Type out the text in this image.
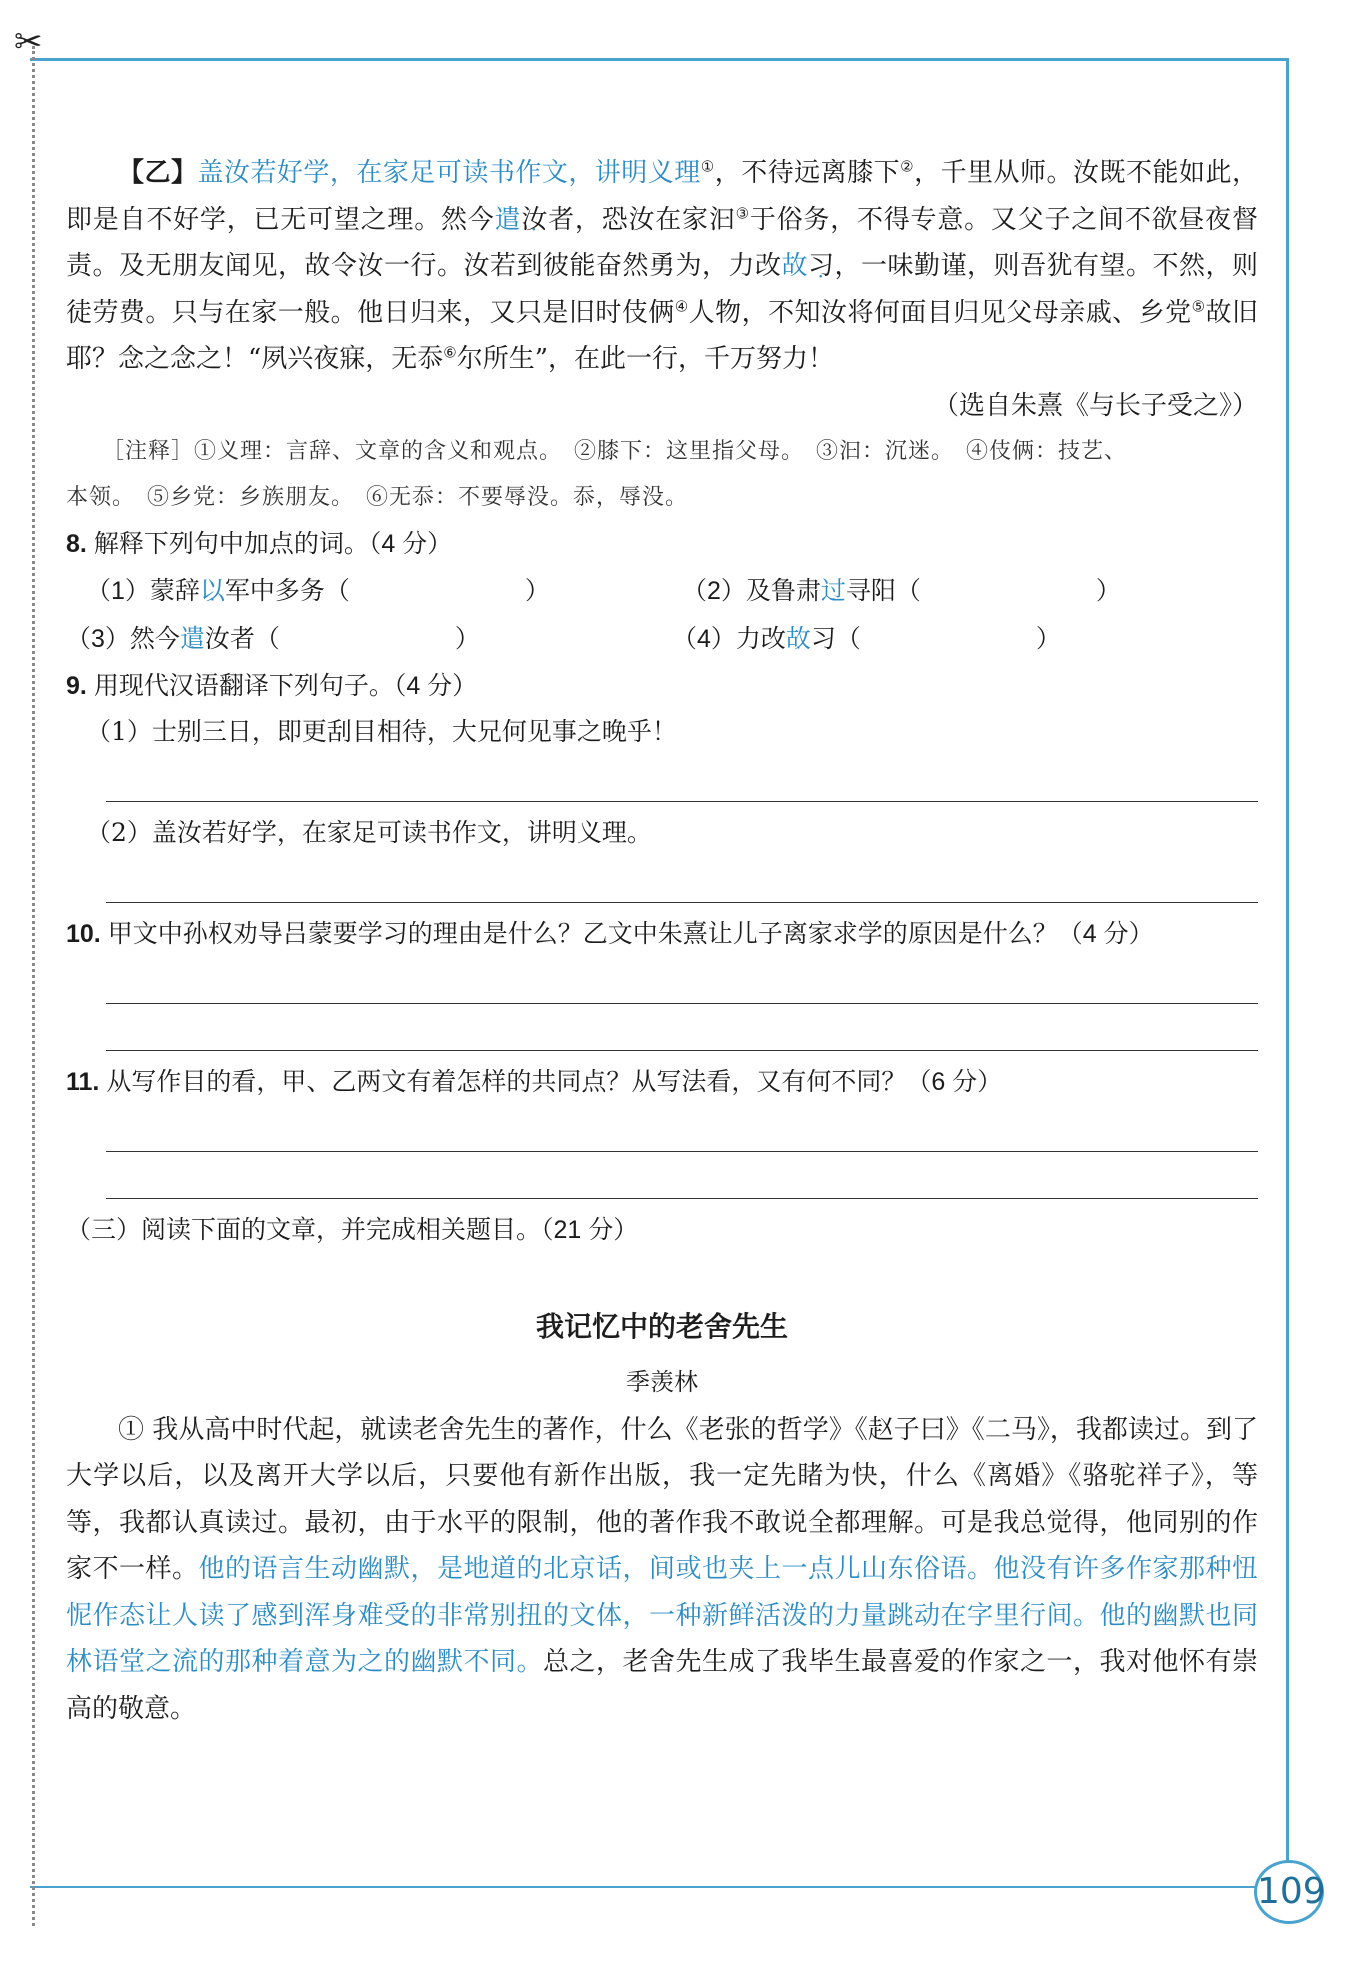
✂

【乙】盖汝若好学，在家足可读书作文，讲明义理①，不待远离膝下②，千里从师。汝既不能如此，即是自不好学，已无可望之理。然今遣汝者，恐汝在家汩③于俗务，不得专意。又父子之间不欲昼夜督责。及无朋友闻见，故令汝一行。汝若到彼能奋然勇为，力改故习，一味勤谨，则吾犹有望。不然，则徒劳费。只与在家一般。他日归来，又只是旧时伎俩④人物，不知汝将何面目归见父母亲戚、乡党⑤故旧耶？念之念之！“夙兴夜寐，无忝⑥尔所生”，在此一行，千万努力！

（选自朱熹《与长子受之》）

［注释］①义理：言辞、文章的含义和观点。　②膝下：这里指父母。　③汩：沉迷。　④伎俩：技艺、

本领。　⑤乡党：乡族朋友。　⑥无忝：不要辱没。忝，辱没。

8. 解释下列句中加点的词。（4 分）

（1）蒙辞以军中多务（　　　　　　　）	（2）及鲁肃过寻阳（　　　　　　　）
（3）然今遣汝者（　　　　　　　）	（4）力改故习（　　　　　　　）

9. 用现代汉语翻译下列句子。（4 分）

（1）士别三日，即更刮目相待，大兄何见事之晚乎！

（2）盖汝若好学，在家足可读书作文，讲明义理。

10. 甲文中孙权劝导吕蒙要学习的理由是什么？乙文中朱熹让儿子离家求学的原因是什么？（4 分）

11. 从写作目的看，甲、乙两文有着怎样的共同点？从写法看，又有何不同？（6 分）

（三）阅读下面的文章，并完成相关题目。（21 分）

我记忆中的老舍先生

季羡林

① 我从高中时代起，就读老舍先生的著作，什么《老张的哲学》《赵子曰》《二马》，我都读过。到了大学以后，以及离开大学以后，只要他有新作出版，我一定先睹为快，什么《离婚》《骆驼祥子》，等等，我都认真读过。最初，由于水平的限制，他的著作我不敢说全都理解。可是我总觉得，他同别的作家不一样。他的语言生动幽默，是地道的北京话，间或也夹上一点儿山东俗语。他没有许多作家那种忸怩作态让人读了感到浑身难受的非常别扭的文体，一种新鲜活泼的力量跳动在字里行间。他的幽默也同林语堂之流的那种着意为之的幽默不同。总之，老舍先生成了我毕生最喜爱的作家之一，我对他怀有崇高的敬意。

109
